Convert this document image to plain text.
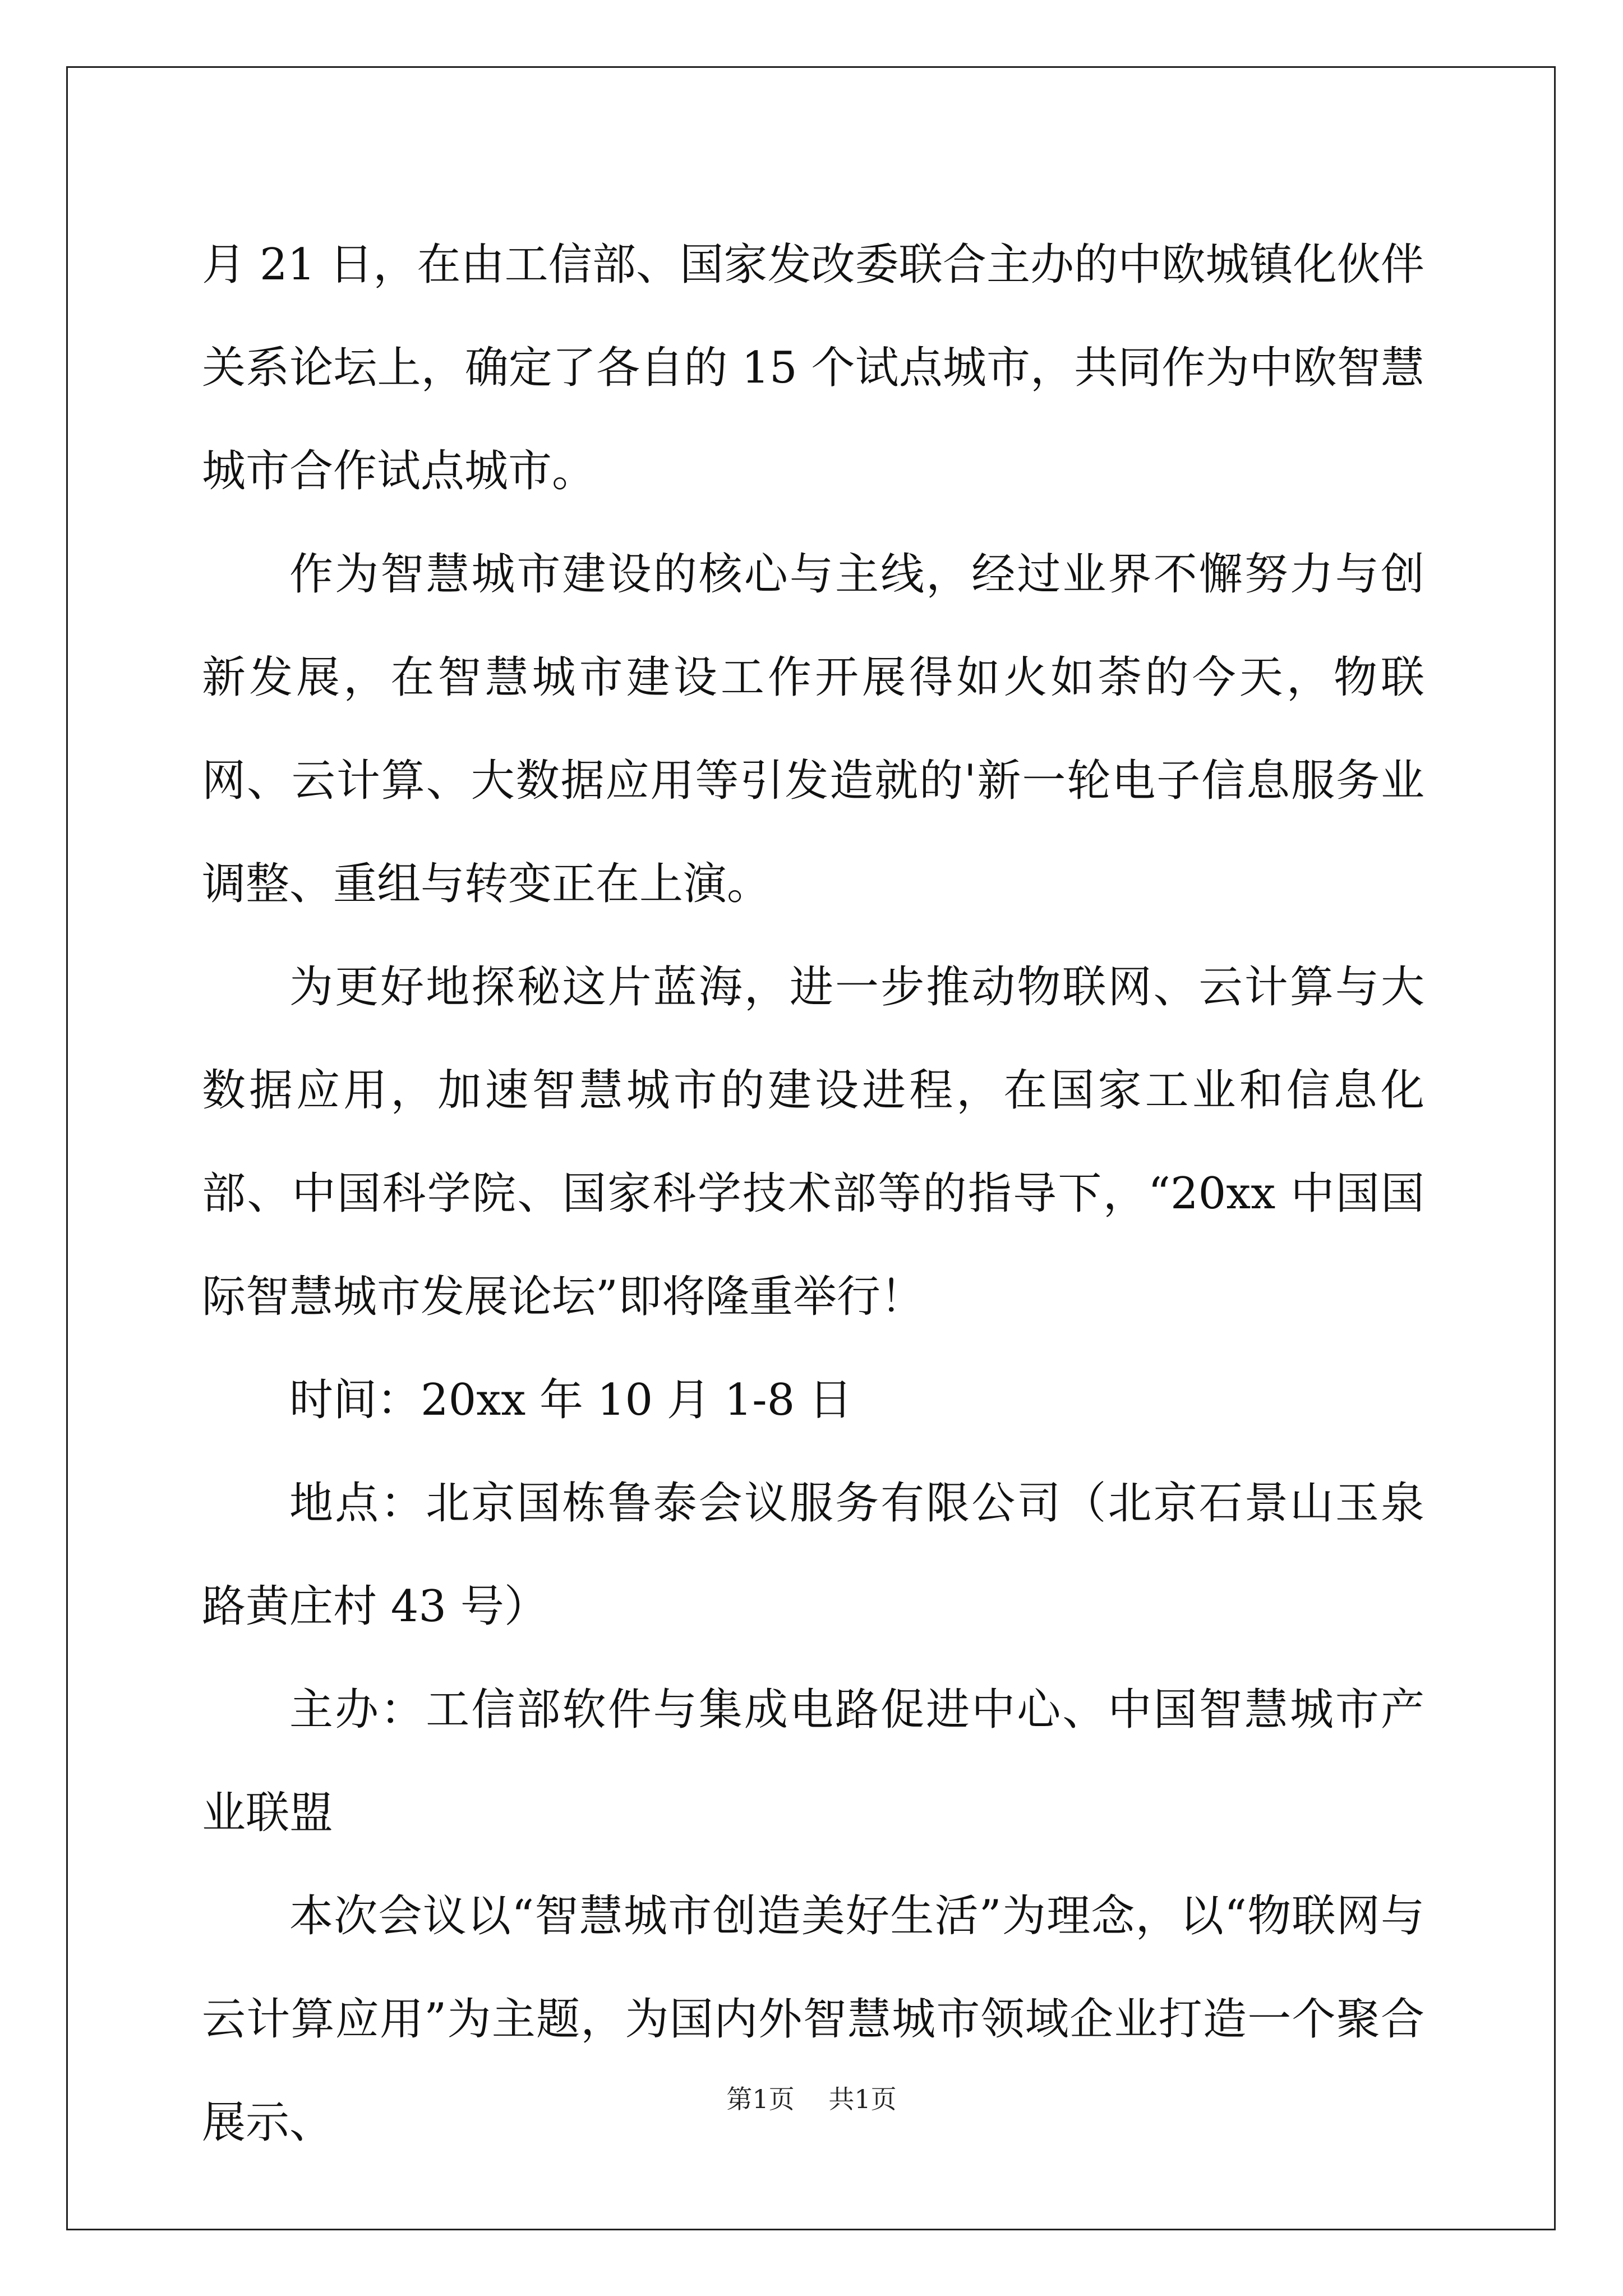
月 21 日，在由工信部、国家发改委联合主办的中欧城镇化伙伴关系论坛上，确定了各自的 15 个试点城市，共同作为中欧智慧城市合作试点城市。

作为智慧城市建设的核心与主线，经过业界不懈努力与创新发展，在智慧城市建设工作开展得如火如荼的今天，物联网、云计算、大数据应用等引发造就的'新一轮电子信息服务业调整、重组与转变正在上演。

为更好地探秘这片蓝海，进一步推动物联网、云计算与大数据应用，加速智慧城市的建设进程，在国家工业和信息化部、中国科学院、国家科学技术部等的指导下，“20xx 中国国际智慧城市发展论坛”即将隆重举行！

时间：20xx 年 10 月 1-8 日

地点：北京国栋鲁泰会议服务有限公司（北京石景山玉泉路黄庄村 43 号）

主办：工信部软件与集成电路促进中心、中国智慧城市产业联盟

本次会议以“智慧城市创造美好生活”为理念，以“物联网与云计算应用”为主题，为国内外智慧城市领域企业打造一个聚合展示、	第1页 共1页
